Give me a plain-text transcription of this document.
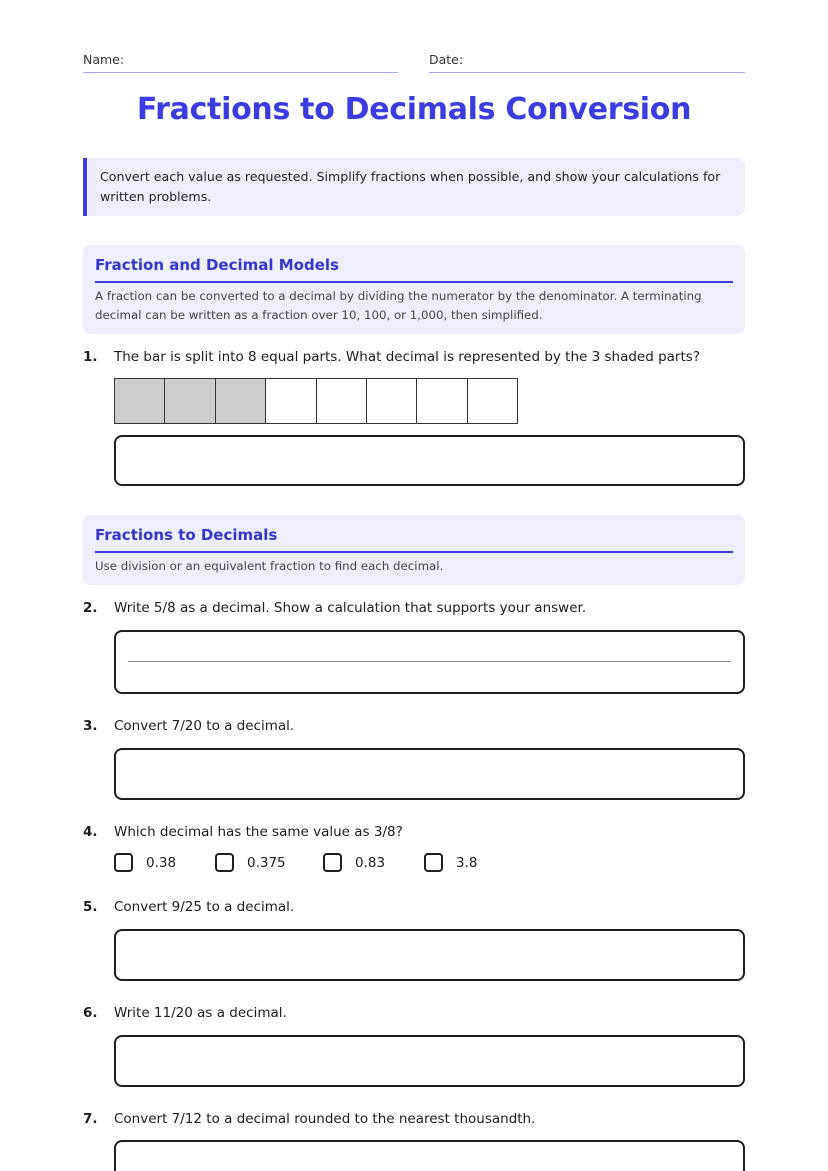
Name:	Date:
Fractions to Decimals Conversion
Convert each value as requested. Simplify fractions when possible, and show your calculations for written problems.
Fraction and Decimal Models
A fraction can be converted to a decimal by dividing the numerator by the denominator. A terminating decimal can be written as a fraction over 10, 100, or 1,000, then simplified.
1. The bar is split into 8 equal parts. What decimal is represented by the 3 shaded parts?
Fractions to Decimals
Use division or an equivalent fraction to find each decimal.
2. Write 5/8 as a decimal. Show a calculation that supports your answer.
3. Convert 7/20 to a decimal.
4. Which decimal has the same value as 3/8?
0.38	0.375	0.83	3.8
5. Convert 9/25 to a decimal.
6. Write 11/20 as a decimal.
7. Convert 7/12 to a decimal rounded to the nearest thousandth.
